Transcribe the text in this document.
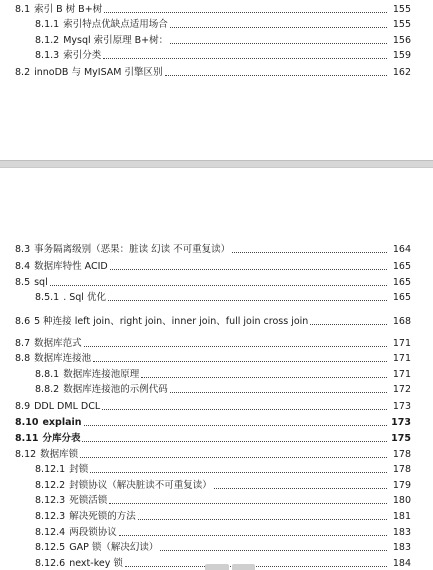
8.1 索引 B 树 B+树	155
8.1.1 索引特点优缺点适用场合	155
8.1.2 Mysql 索引原理 B+树：	156
8.1.3 索引分类	159
8.2 innoDB 与 MyISAM 引擎区别	162
8.3 事务隔离级别（恶果：脏读 幻读 不可重复读）	164
8.4 数据库特性 ACID	165
8.5 sql	165
8.5.1 . Sql 优化	165
8.6 5 种连接 left join、right join、inner join、full join cross join	168
8.7 数据库范式	171
8.8 数据库连接池	171
8.8.1 数据库连接池原理	171
8.8.2 数据库连接池的示例代码	172
8.9 DDL DML DCL	173
8.10 explain	173
8.11 分库分表	175
8.12 数据库锁	178
8.12.1 封锁	178
8.12.2 封锁协议（解决脏读不可重复读）	179
8.12.3 死锁活锁	180
8.12.3 解决死锁的方法	181
8.12.4 两段锁协议	183
8.12.5 GAP 锁（解决幻读）	183
8.12.6 next-key 锁	184
